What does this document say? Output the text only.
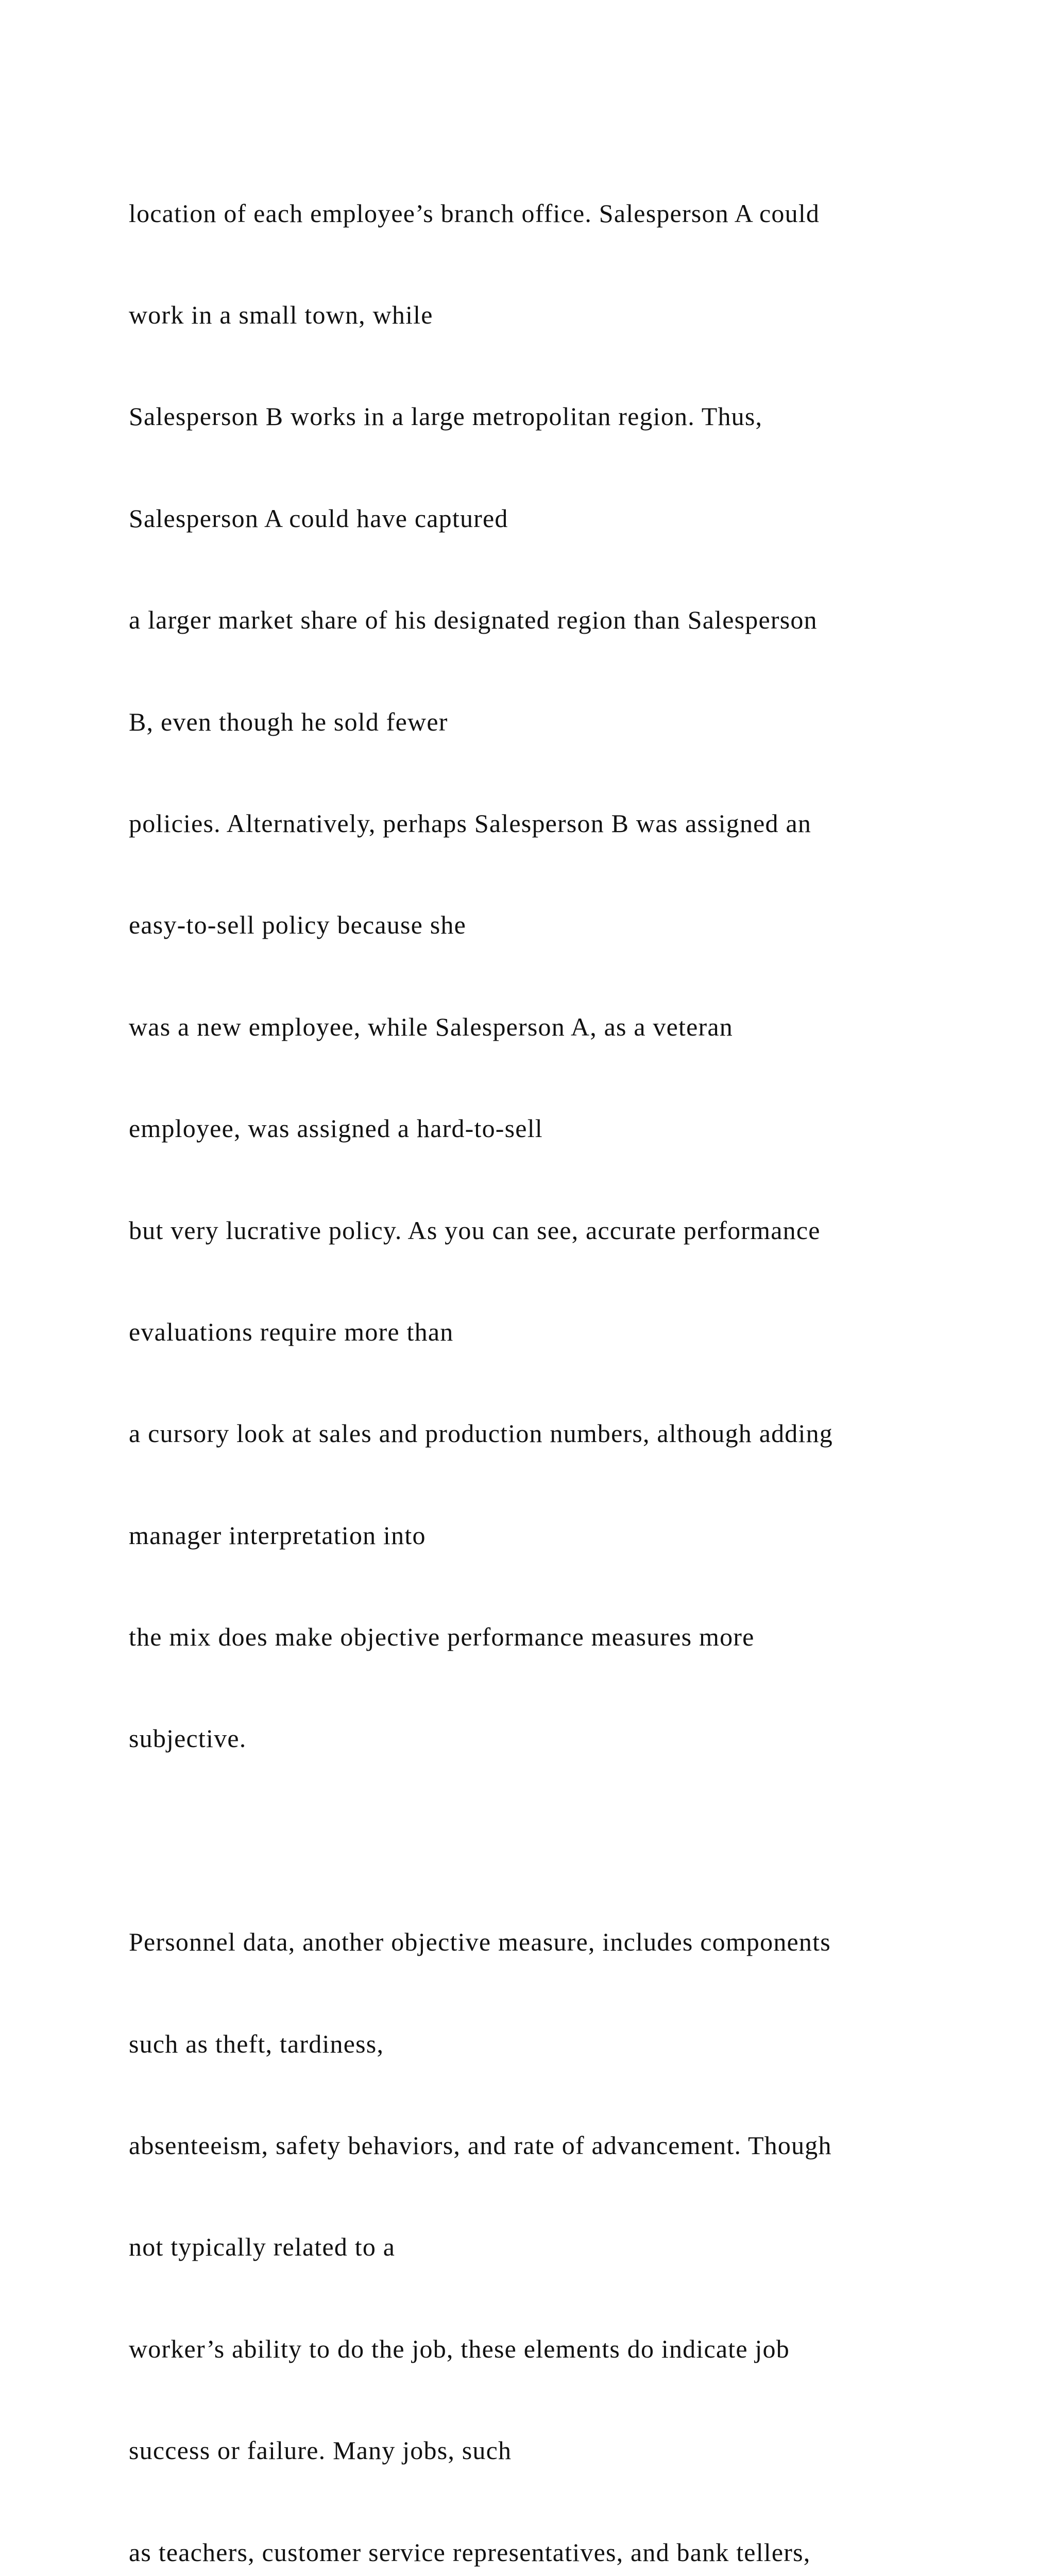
location of each employee’s branch office. Salesperson A could

work in a small town, while

Salesperson B works in a large metropolitan region. Thus,

Salesperson A could have captured

a larger market share of his designated region than Salesperson

B, even though he sold fewer

policies. Alternatively, perhaps Salesperson B was assigned an

easy-to-sell policy because she

was a new employee, while Salesperson A, as a veteran

employee, was assigned a hard-to-sell

but very lucrative policy. As you can see, accurate performance

evaluations require more than

a cursory look at sales and production numbers, although adding

manager interpretation into

the mix does make objective performance measures more

subjective.

Personnel data, another objective measure, includes components

such as theft, tardiness,

absenteeism, safety behaviors, and rate of advancement. Though

not typically related to a

worker’s ability to do the job, these elements do indicate job

success or failure. Many jobs, such

as teachers, customer service representatives, and bank tellers,
